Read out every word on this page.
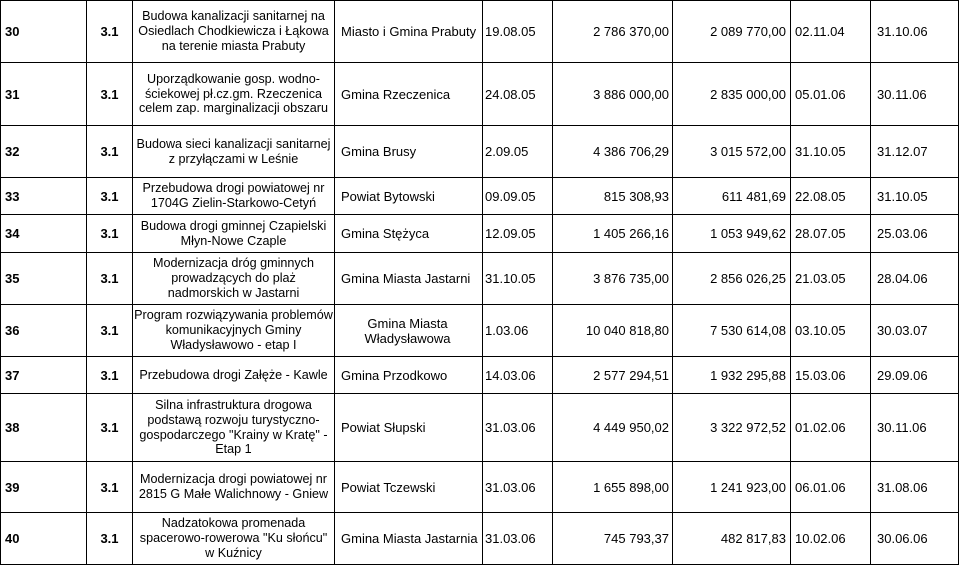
30	3.1	Budowa kanalizacji sanitarnej na Osiedlach Chodkiewicza i Łąkowa na terenie miasta Prabuty	Miasto i Gmina Prabuty	19.08.05	2 786 370,00	2 089 770,00	02.11.04	31.10.06
31	3.1	Uporządkowanie gosp. wodno-ściekowej pł.cz.gm. Rzeczenica celem zap. marginalizacji obszaru	Gmina Rzeczenica	24.08.05	3 886 000,00	2 835 000,00	05.01.06	30.11.06
32	3.1	Budowa sieci kanalizacji sanitarnej z przyłączami w Leśnie	Gmina Brusy	2.09.05	4 386 706,29	3 015 572,00	31.10.05	31.12.07
33	3.1	Przebudowa drogi powiatowej nr 1704G Zielin-Starkowo-Cetyń	Powiat Bytowski	09.09.05	815 308,93	611 481,69	22.08.05	31.10.05
34	3.1	Budowa drogi gminnej Czapielski Młyn-Nowe Czaple	Gmina Stężyca	12.09.05	1 405 266,16	1 053 949,62	28.07.05	25.03.06
35	3.1	Modernizacja dróg gminnych prowadzących do plaż nadmorskich w Jastarni	Gmina Miasta Jastarni	31.10.05	3 876 735,00	2 856 026,25	21.03.05	28.04.06
36	3.1	Program rozwiązywania problemów komunikacyjnych Gminy Władysławowo - etap I	Gmina Miasta Władysławowa	1.03.06	10 040 818,80	7 530 614,08	03.10.05	30.03.07
37	3.1	Przebudowa drogi Załęże - Kawle	Gmina Przodkowo	14.03.06	2 577 294,51	1 932 295,88	15.03.06	29.09.06
38	3.1	Silna infrastruktura drogowa podstawą rozwoju turystyczno-gospodarczego "Krainy w Kratę" - Etap 1	Powiat Słupski	31.03.06	4 449 950,02	3 322 972,52	01.02.06	30.11.06
39	3.1	Modernizacja drogi powiatowej nr 2815 G Małe Walichnowy - Gniew	Powiat Tczewski	31.03.06	1 655 898,00	1 241 923,00	06.01.06	31.08.06
40	3.1	Nadzatokowa promenada spacerowo-rowerowa "Ku słońcu" w Kuźnicy	Gmina Miasta Jastarnia	31.03.06	745 793,37	482 817,83	10.02.06	30.06.06
